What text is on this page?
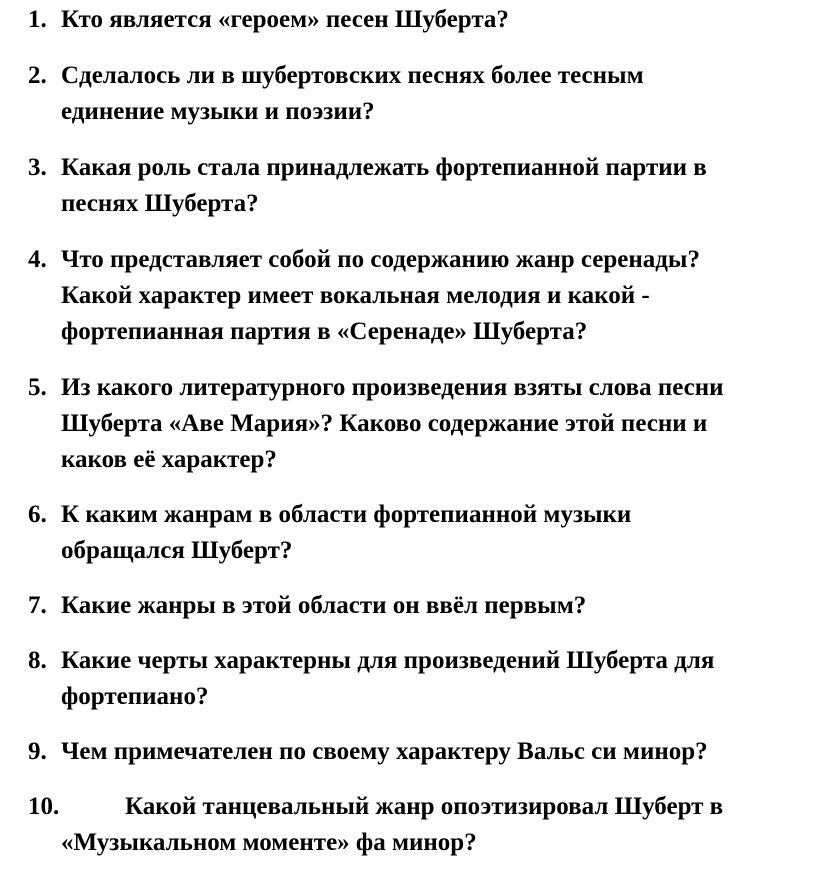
1. Кто является «героем» песен Шуберта?
2. Сделалось ли в шубертовских песнях более тесным
единение музыки и поэзии?
3. Какая роль стала принадлежать фортепианной партии в
песнях Шуберта?
4. Что представляет собой по содержанию жанр серенады?
Какой характер имеет вокальная мелодия и какой -
фортепианная партия в «Серенаде» Шуберта?
5. Из какого литературного произведения взяты слова песни
Шуберта «Аве Мария»? Каково содержание этой песни и
каков её характер?
6. К каким жанрам в области фортепианной музыки
обращался Шуберт?
7. Какие жанры в этой области он ввёл первым?
8. Какие черты характерны для произведений Шуберта для
фортепиано?
9. Чем примечателен по своему характеру Вальс си минор?
10.	Какой танцевальный жанр опоэтизировал Шуберт в
«Музыкальном моменте» фа минор?
